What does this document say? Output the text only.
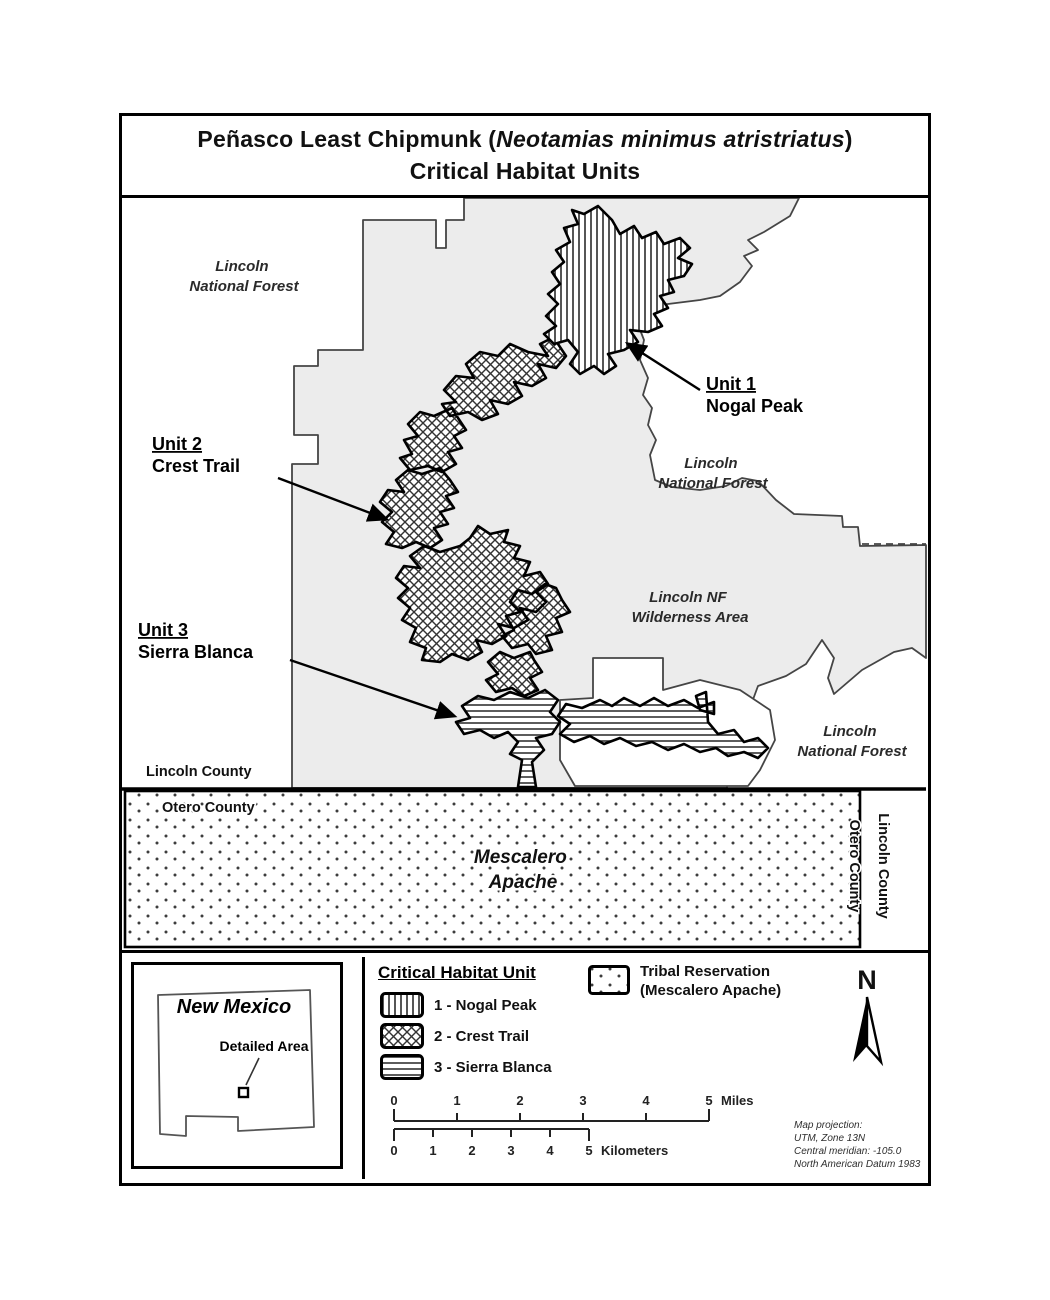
Peñasco Least Chipmunk (Neotamias minimus atristriatus)
Critical Habitat Units
Lincoln National Forest
Lincoln National Forest
Lincoln NF Wilderness Area
Lincoln National Forest
Unit 1
Nogal Peak
Unit 2
Crest Trail
Unit 3
Sierra Blanca
Lincoln County
Otero County
Otero County Lincoln County
Mescalero Apache
New Mexico
Detailed Area
Critical Habitat Unit
1 - Nogal Peak
2 - Crest Trail
3 - Sierra Blanca
Tribal Reservation
(Mescalero Apache)	N
0	1	2	3	4	5 Miles
0 1 2 3 4 5 Kilometers
Map projection:
UTM, Zone 13N
Central meridian: -105.0
North American Datum 1983
